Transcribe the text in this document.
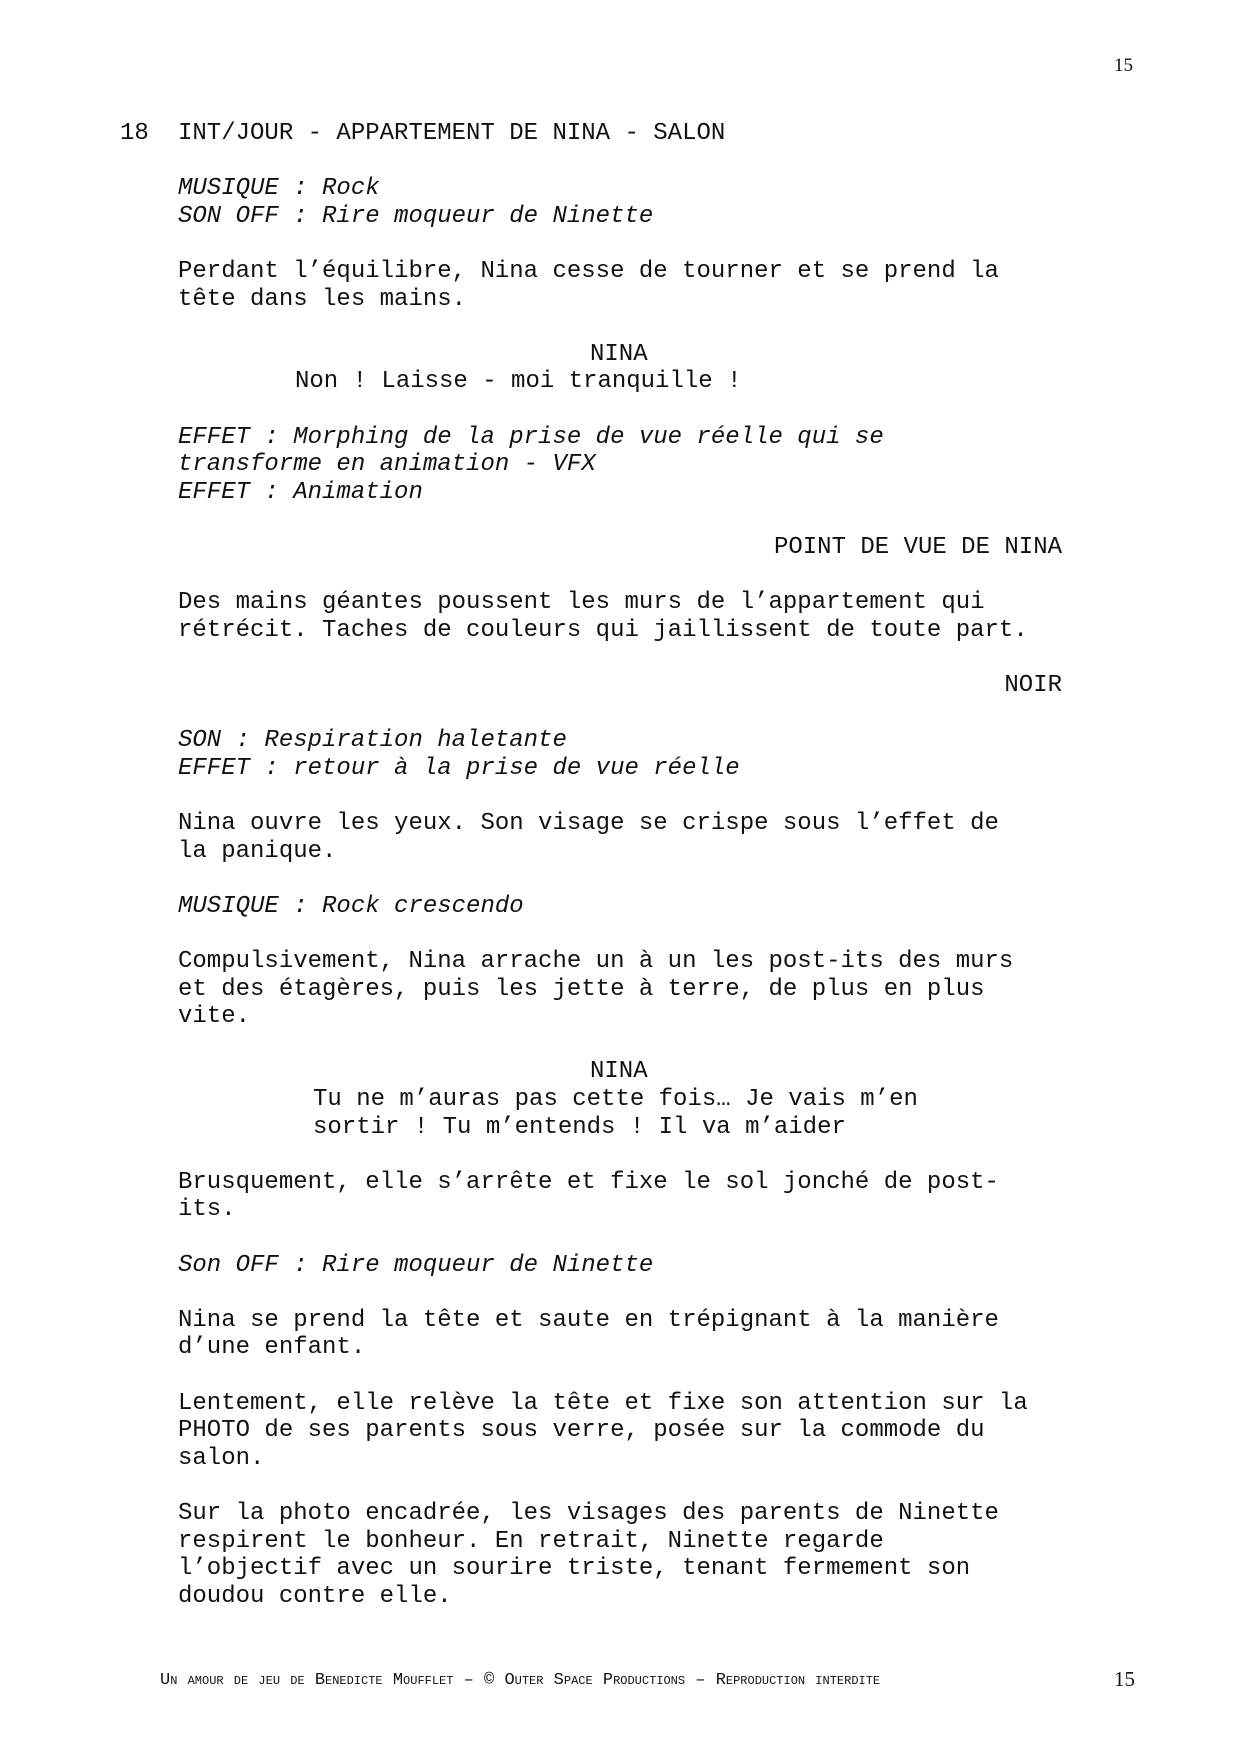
15
18 INT/JOUR - APPARTEMENT DE NINA - SALON
MUSIQUE : Rock
SON OFF : Rire moqueur de Ninette
Perdant l’équilibre, Nina cesse de tourner et se prend la
tête dans les mains.
NINA
Non ! Laisse - moi tranquille !
EFFET : Morphing de la prise de vue réelle qui se
transforme en animation - VFX
EFFET : Animation
POINT DE VUE DE NINA
Des mains géantes poussent les murs de l’appartement qui
rétrécit. Taches de couleurs qui jaillissent de toute part.
NOIR
SON : Respiration haletante
EFFET : retour à la prise de vue réelle
Nina ouvre les yeux. Son visage se crispe sous l’effet de
la panique.
MUSIQUE : Rock crescendo
Compulsivement, Nina arrache un à un les post-its des murs
et des étagères, puis les jette à terre, de plus en plus
vite.
NINA
Tu ne m’auras pas cette fois… Je vais m’en
sortir ! Tu m’entends ! Il va m’aider
Brusquement, elle s’arrête et fixe le sol jonché de post-
its.
Son OFF : Rire moqueur de Ninette
Nina se prend la tête et saute en trépignant à la manière
d’une enfant.
Lentement, elle relève la tête et fixe son attention sur la
PHOTO de ses parents sous verre, posée sur la commode du
salon.
Sur la photo encadrée, les visages des parents de Ninette
respirent le bonheur. En retrait, Ninette regarde
l’objectif avec un sourire triste, tenant fermement son
doudou contre elle.
Un amour de jeu de Benedicte Moufflet – © Outer Space Productions – Reproduction interdite	15
